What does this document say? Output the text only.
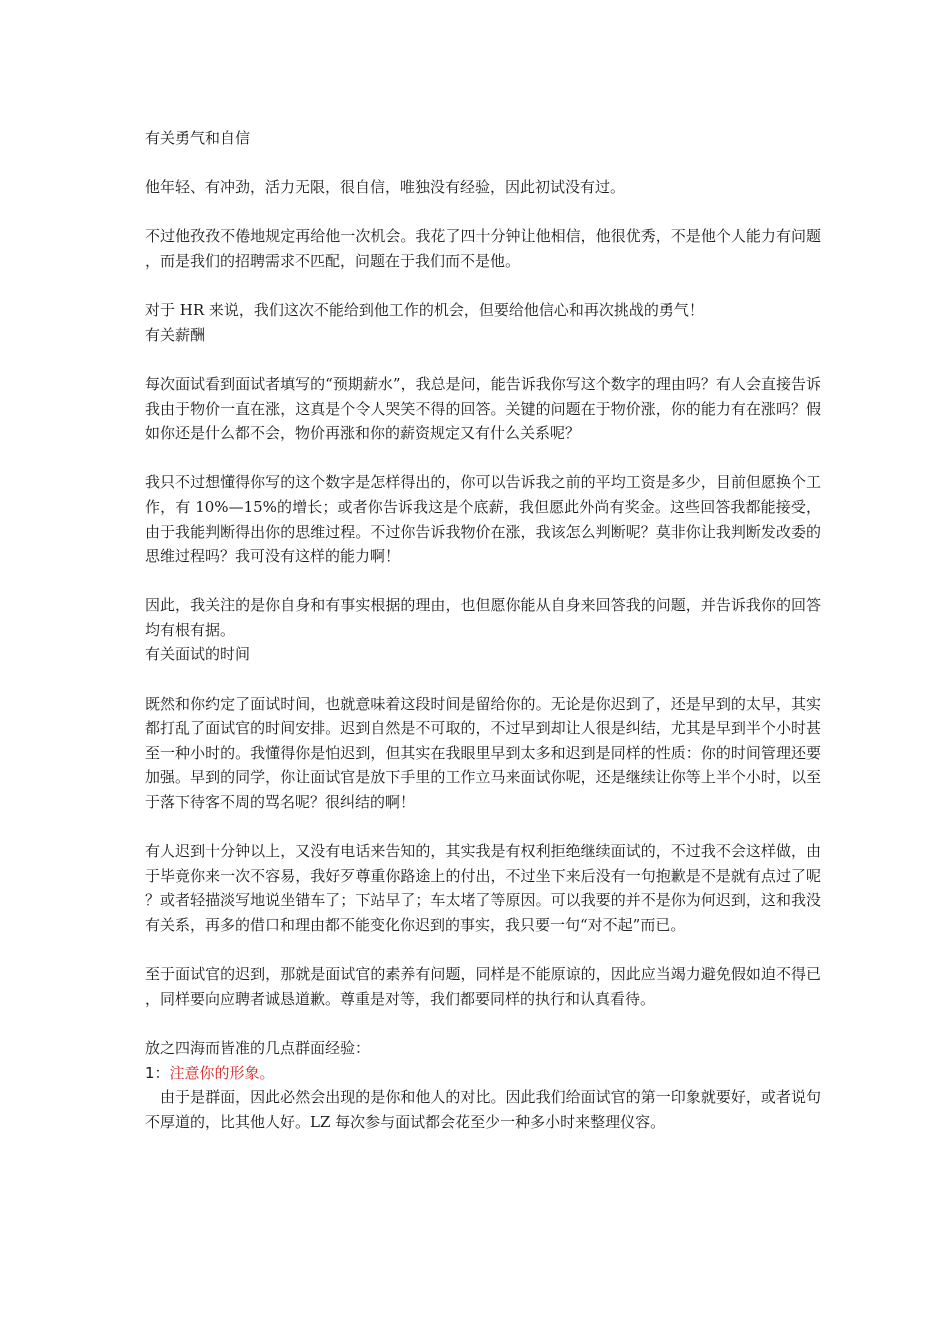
有关勇气和自信

他年轻、有冲劲，活力无限，很自信，唯独没有经验，因此初试没有过。

不过他孜孜不倦地规定再给他一次机会。我花了四十分钟让他相信，他很优秀，不是他个人能力有问题，而是我们的招聘需求不匹配，问题在于我们而不是他。

对于 HR 来说，我们这次不能给到他工作的机会，但要给他信心和再次挑战的勇气！

有关薪酬

每次面试看到面试者填写的“预期薪水”，我总是问，能告诉我你写这个数字的理由吗？有人会直接告诉我由于物价一直在涨，这真是个令人哭笑不得的回答。关键的问题在于物价涨，你的能力有在涨吗？假如你还是什么都不会，物价再涨和你的薪资规定又有什么关系呢？

我只不过想懂得你写的这个数字是怎样得出的，你可以告诉我之前的平均工资是多少，目前但愿换个工作，有 10%—15%的增长；或者你告诉我这是个底薪，我但愿此外尚有奖金。这些回答我都能接受，由于我能判断得出你的思维过程。不过你告诉我物价在涨，我该怎么判断呢？莫非你让我判断发改委的思维过程吗？我可没有这样的能力啊！

因此，我关注的是你自身和有事实根据的理由，也但愿你能从自身来回答我的问题，并告诉我你的回答均有根有据。

有关面试的时间

既然和你约定了面试时间，也就意味着这段时间是留给你的。无论是你迟到了，还是早到的太早，其实都打乱了面试官的时间安排。迟到自然是不可取的，不过早到却让人很是纠结，尤其是早到半个小时甚至一种小时的。我懂得你是怕迟到，但其实在我眼里早到太多和迟到是同样的性质：你的时间管理还要加强。早到的同学，你让面试官是放下手里的工作立马来面试你呢，还是继续让你等上半个小时，以至于落下待客不周的骂名呢？很纠结的啊！

有人迟到十分钟以上，又没有电话来告知的，其实我是有权利拒绝继续面试的，不过我不会这样做，由于毕竟你来一次不容易，我好歹尊重你路途上的付出，不过坐下来后没有一句抱歉是不是就有点过了呢？或者轻描淡写地说坐错车了；下站早了；车太堵了等原因。可以我要的并不是你为何迟到，这和我没有关系，再多的借口和理由都不能变化你迟到的事实，我只要一句“对不起”而已。

至于面试官的迟到，那就是面试官的素养有问题，同样是不能原谅的，因此应当竭力避免假如迫不得已，同样要向应聘者诚恳道歉。尊重是对等，我们都要同样的执行和认真看待。

放之四海而皆准的几点群面经验：

1：注意你的形象。

由于是群面，因此必然会出现的是你和他人的对比。因此我们给面试官的第一印象就要好，或者说句不厚道的，比其他人好。LZ 每次参与面试都会花至少一种多小时来整理仪容。
